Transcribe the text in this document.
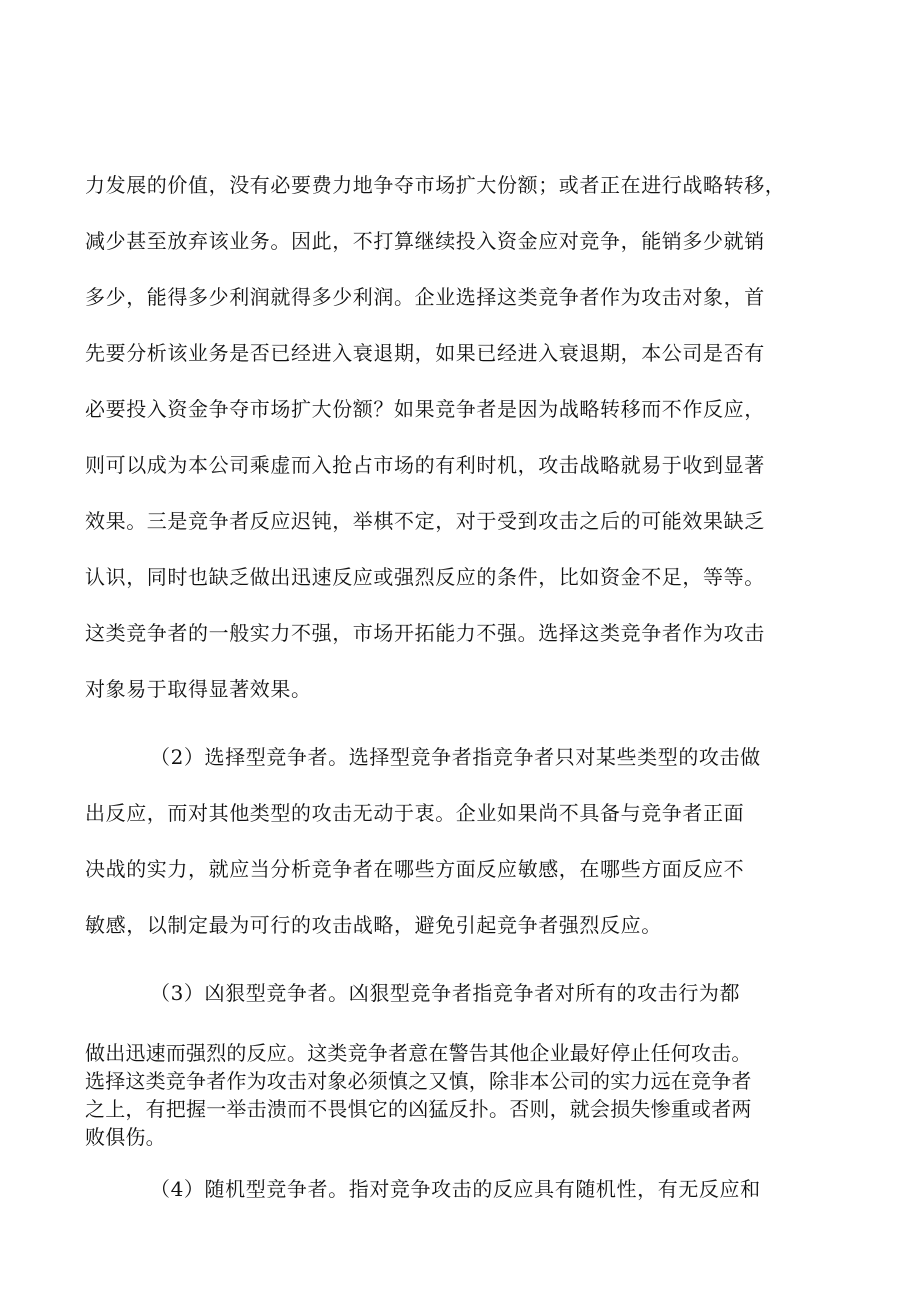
力发展的价值，没有必要费力地争夺市场扩大份额；或者正在进行战略转移，
减少甚至放弃该业务。因此，不打算继续投入资金应对竞争，能销多少就销
多少，能得多少利润就得多少利润。企业选择这类竞争者作为攻击对象，首
先要分析该业务是否已经进入衰退期，如果已经进入衰退期，本公司是否有
必要投入资金争夺市场扩大份额？如果竞争者是因为战略转移而不作反应，
则可以成为本公司乘虚而入抢占市场的有利时机，攻击战略就易于收到显著
效果。三是竞争者反应迟钝，举棋不定，对于受到攻击之后的可能效果缺乏
认识，同时也缺乏做出迅速反应或强烈反应的条件，比如资金不足，等等。
这类竞争者的一般实力不强，市场开拓能力不强。选择这类竞争者作为攻击
对象易于取得显著效果。
（2）选择型竞争者。选择型竞争者指竞争者只对某些类型的攻击做
出反应，而对其他类型的攻击无动于衷。企业如果尚不具备与竞争者正面
决战的实力，就应当分析竞争者在哪些方面反应敏感，在哪些方面反应不
敏感，以制定最为可行的攻击战略，避免引起竞争者强烈反应。
（3）凶狠型竞争者。凶狠型竞争者指竞争者对所有的攻击行为都
做出迅速而强烈的反应。这类竞争者意在警告其他企业最好停止任何攻击。
选择这类竞争者作为攻击对象必须慎之又慎，除非本公司的实力远在竞争者
之上，有把握一举击溃而不畏惧它的凶猛反扑。否则，就会损失惨重或者两
败俱伤。
（4）随机型竞争者。指对竞争攻击的反应具有随机性，有无反应和
